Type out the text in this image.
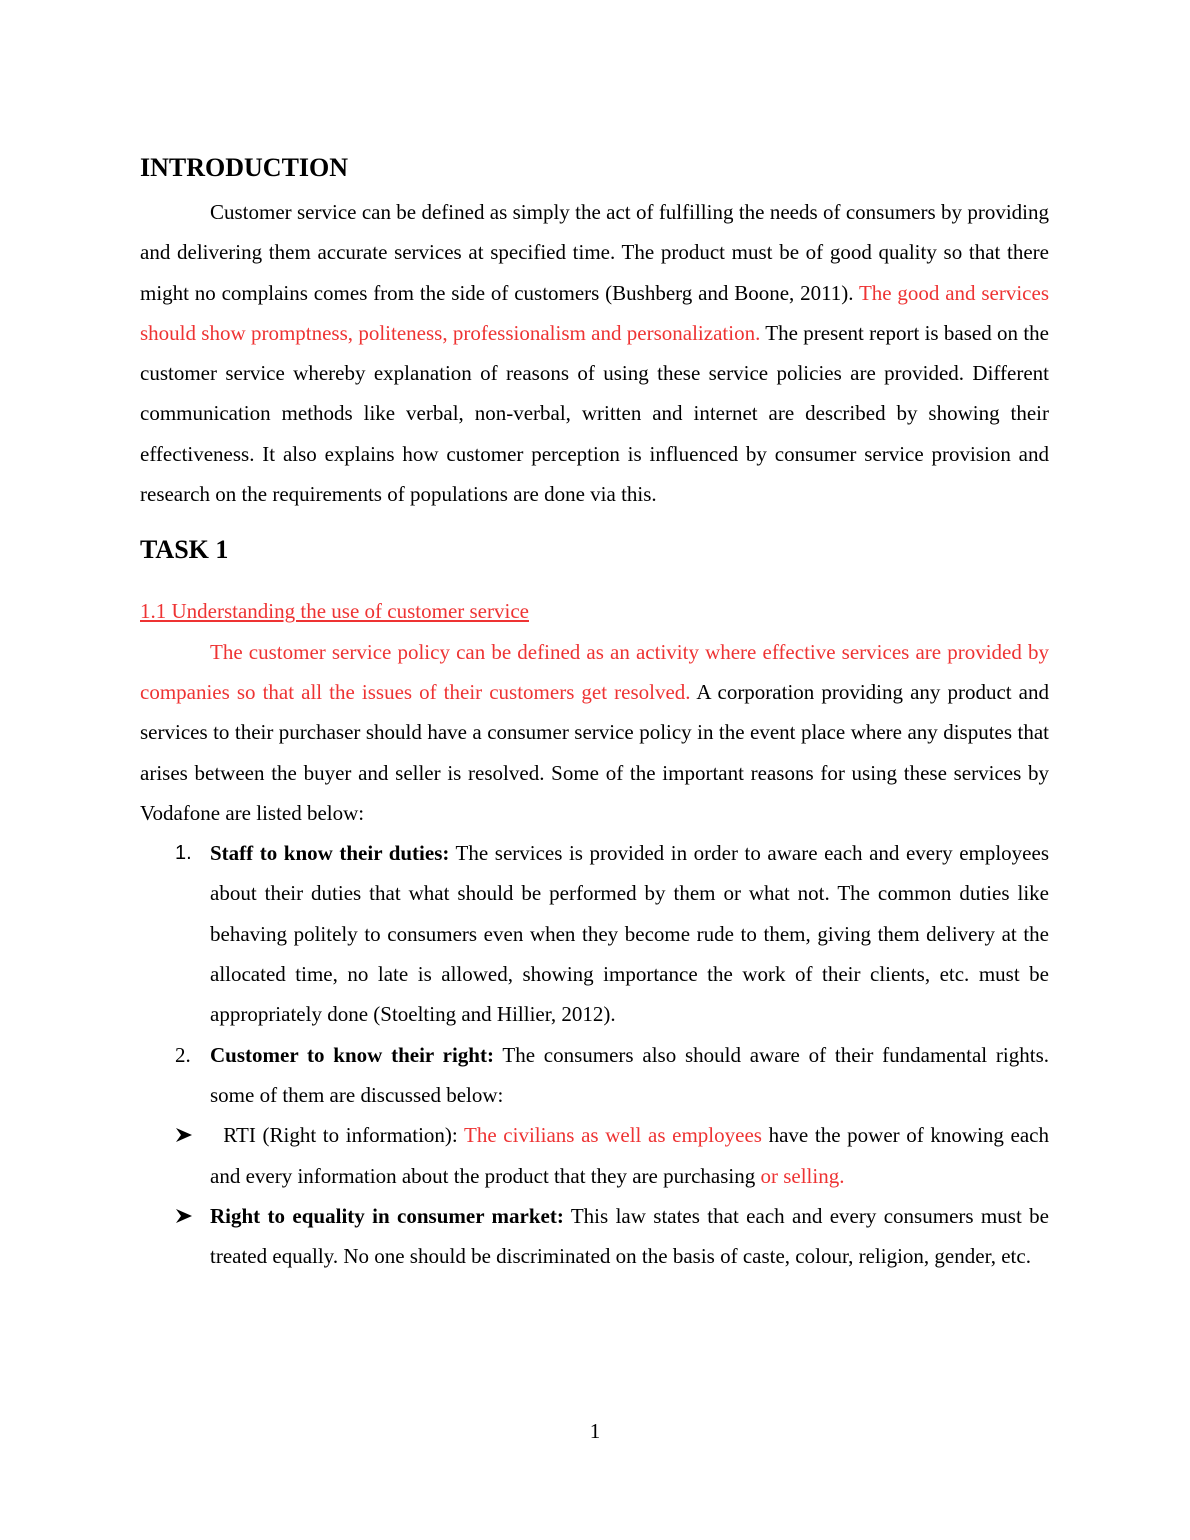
INTRODUCTION

Customer service can be defined as simply the act of fulfilling the needs of consumers by providing and delivering them accurate services at specified time. The product must be of good quality so that there might no complains comes from the side of customers (Bushberg and Boone, 2011). The good and services should show promptness, politeness, professionalism and personalization. The present report is based on the customer service whereby explanation of reasons of using these service policies are provided. Different communication methods like verbal, non-verbal, written and internet are described by showing their effectiveness. It also explains how customer perception is influenced by consumer service provision and research on the requirements of populations are done via this.

TASK 1
1.1 Understanding the use of customer service

The customer service policy can be defined as an activity where effective services are provided by companies so that all the issues of their customers get resolved. A corporation providing any product and services to their purchaser should have a consumer service policy in the event place where any disputes that arises between the buyer and seller is resolved. Some of the important reasons for using these services by Vodafone are listed below:

1. Staff to know their duties: The services is provided in order to aware each and every employees about their duties that what should be performed by them or what not. The common duties like behaving politely to consumers even when they become rude to them, giving them delivery at the allocated time, no late is allowed, showing importance the work of their clients, etc. must be appropriately done (Stoelting and Hillier, 2012).

2. Customer to know their right: The consumers also should aware of their fundamental rights. some of them are discussed below:

RTI (Right to information): The civilians as well as employees have the power of knowing each and every information about the product that they are purchasing or selling.

Right to equality in consumer market: This law states that each and every consumers must be treated equally. No one should be discriminated on the basis of caste, colour, religion, gender, etc.

1
